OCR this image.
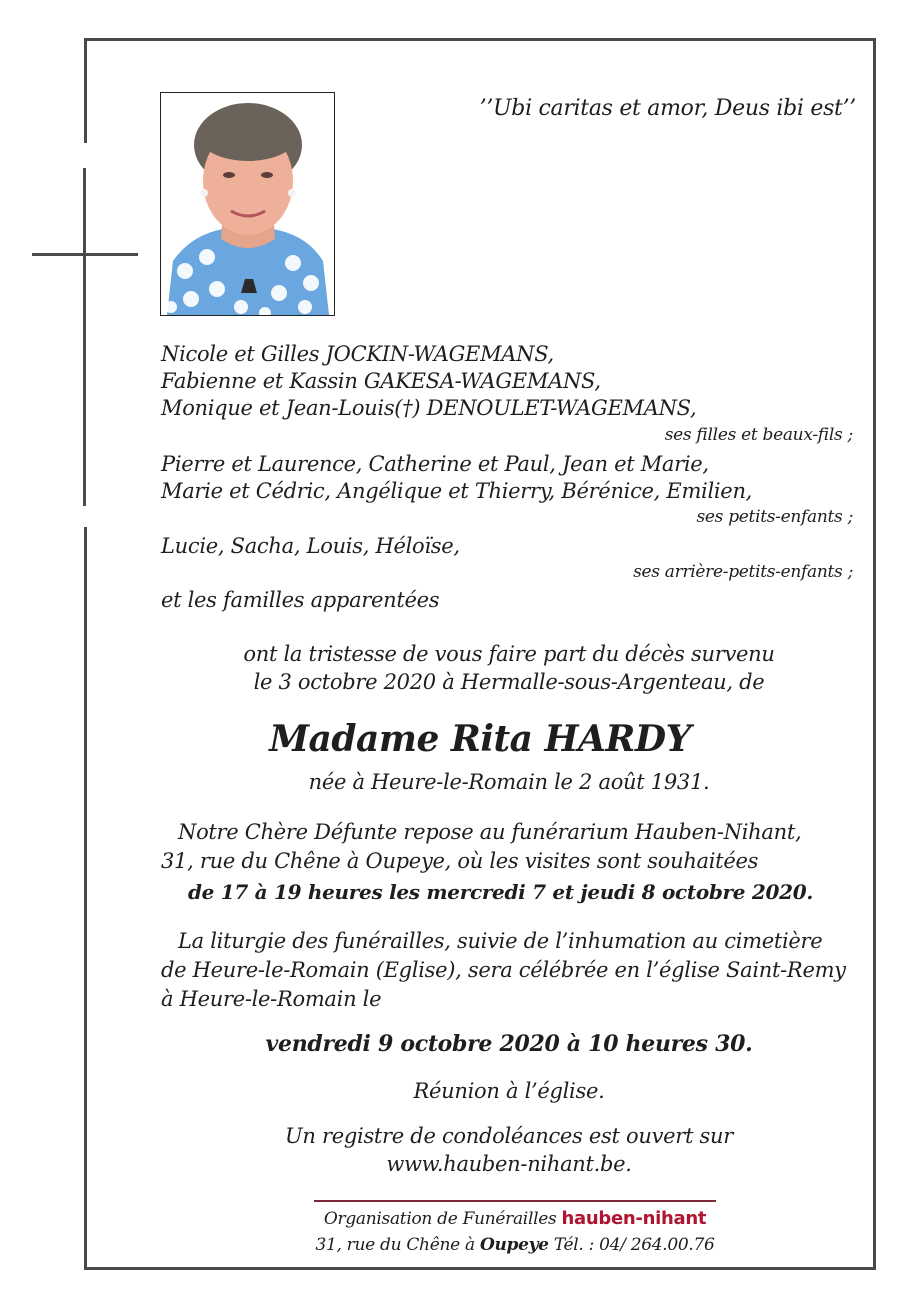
’’Ubi caritas et amor, Deus ibi est’’
Nicole et Gilles JOCKIN-WAGEMANS,
Fabienne et Kassin GAKESA-WAGEMANS,
Monique et Jean-Louis(†) DENOULET-WAGEMANS,
ses filles et beaux-fils ;
Pierre et Laurence, Catherine et Paul, Jean et Marie,
Marie et Cédric, Angélique et Thierry, Bérénice, Emilien,
ses petits-enfants ;
Lucie, Sacha, Louis, Héloïse,
ses arrière-petits-enfants ;
et les familles apparentées
ont la tristesse de vous faire part du décès survenu
le 3 octobre 2020 à Hermalle-sous-Argenteau, de
Madame Rita HARDY
née à Heure-le-Romain le 2 août 1931.
Notre Chère Défunte repose au funérarium Hauben-Nihant,
31, rue du Chêne à Oupeye, où les visites sont souhaitées
de 17 à 19 heures les mercredi 7 et jeudi 8 octobre 2020.
La liturgie des funérailles, suivie de l’inhumation au cimetière
de Heure-le-Romain (Eglise), sera célébrée en l’église Saint-Remy
à Heure-le-Romain le
vendredi 9 octobre 2020 à 10 heures 30.
Réunion à l’église.
Un registre de condoléances est ouvert sur
www.hauben-nihant.be.
Organisation de Funérailles hauben-nihant
31, rue du Chêne à Oupeye Tél. : 04/ 264.00.76
